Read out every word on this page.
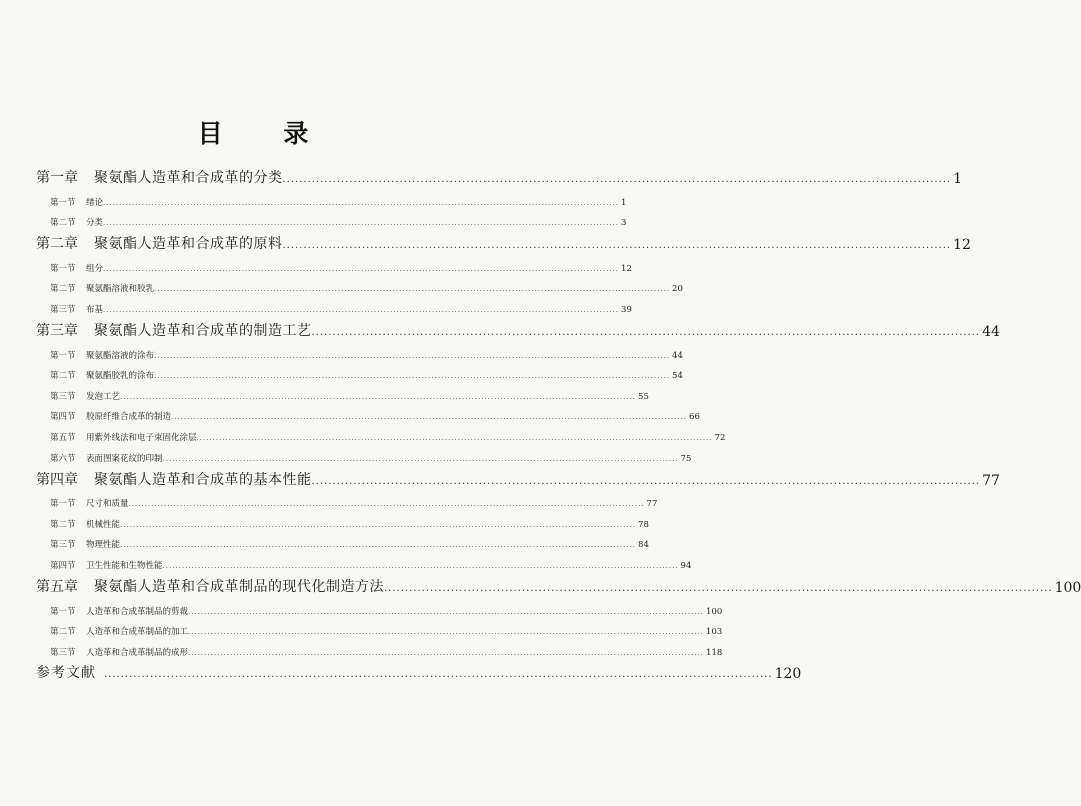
目 录
第一章	聚氨酯人造革和合成革的分类 ................................................................................................................................................................ 1
第一节	绪论 ................................................................................................................................................................ 1
第二节	分类 ................................................................................................................................................................ 3
第二章	聚氨酯人造革和合成革的原料 ................................................................................................................................................................ 12
第一节	组分 ................................................................................................................................................................ 12
第二节	聚氨酯溶液和胶乳 ................................................................................................................................................................ 20
第三节	布基 ................................................................................................................................................................ 39
第三章	聚氨酯人造革和合成革的制造工艺 ................................................................................................................................................................ 44
第一节	聚氨酯溶液的涂布 ................................................................................................................................................................ 44
第二节	聚氨酯胶乳的涂布 ................................................................................................................................................................ 54
第三节	发泡工艺 ................................................................................................................................................................ 55
第四节	胶原纤维合成革的制造 ................................................................................................................................................................ 66
第五节	用紫外线法和电子束固化涂层 ................................................................................................................................................................ 72
第六节	表面图案花纹的印制 ................................................................................................................................................................ 75
第四章	聚氨酯人造革和合成革的基本性能 ................................................................................................................................................................ 77
第一节	尺寸和质量 ................................................................................................................................................................ 77
第二节	机械性能 ................................................................................................................................................................ 78
第三节	物理性能 ................................................................................................................................................................ 84
第四节	卫生性能和生物性能 ................................................................................................................................................................ 94
第五章	聚氨酯人造革和合成革制品的现代化制造方法 ................................................................................................................................................................ 100
第一节	人造革和合成革制品的剪裁 ................................................................................................................................................................ 100
第二节	人造革和合成革制品的加工 ................................................................................................................................................................ 103
第三节	人造革和合成革制品的成形 ................................................................................................................................................................ 118
参考文献 ................................................................................................................................................................ 120
